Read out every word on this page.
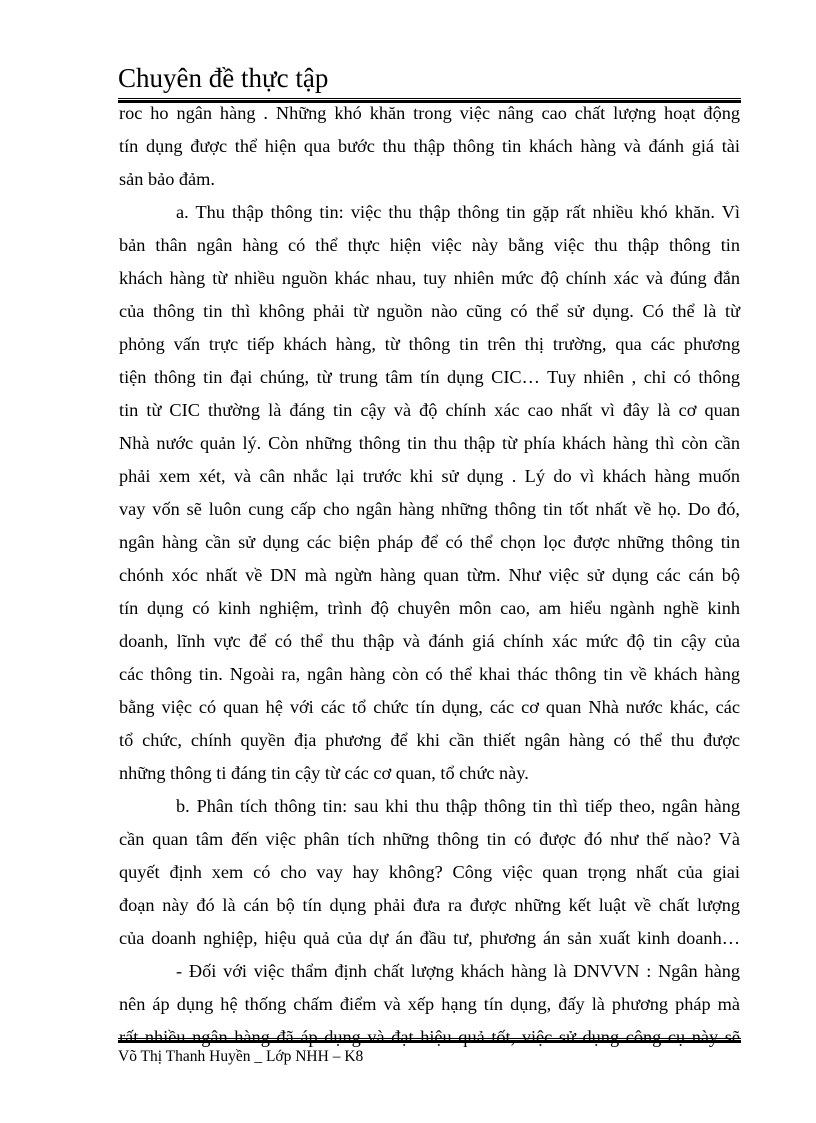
Chuyên đề thực tập
roc ho ngân hàng . Những khó khăn trong việc nâng cao chất lượng hoạt động
tín dụng được thể hiện qua bước thu thập thông tin khách hàng và đánh giá tài
sản bảo đảm.
a. Thu thập thông tin: việc thu thập thông tin gặp rất nhiều khó khăn. Vì
bản thân ngân hàng có thể thực hiện việc này bằng việc thu thập thông tin
khách hàng từ nhiều nguồn khác nhau, tuy nhiên mức độ chính xác và đúng đắn
của thông tin thì không phải từ nguồn nào cũng có thể sử dụng. Có thể là từ
phỏng vấn trực tiếp khách hàng, từ thông tin trên thị trường, qua các phương
tiện thông tin đại chúng, từ trung tâm tín dụng CIC… Tuy nhiên , chỉ có thông
tin từ CIC thường là đáng tin cậy và độ chính xác cao nhất vì đây là cơ quan
Nhà nước quản lý. Còn những thông tin thu thập từ phía khách hàng thì còn cần
phải xem xét, và cân nhắc lại trước khi sử dụng . Lý do vì khách hàng muốn
vay vốn sẽ luôn cung cấp cho ngân hàng những thông tin tốt nhất về họ. Do đó,
ngân hàng cần sử dụng các biện pháp để có thể chọn lọc được những thông tin
chónh xóc nhất về DN mà ngừn hàng quan từm. Như việc sử dụng các cán bộ
tín dụng có kinh nghiệm, trình độ chuyên môn cao, am hiểu ngành nghề kinh
doanh, lĩnh vực để có thể thu thập và đánh giá chính xác mức độ tin cậy của
các thông tin. Ngoài ra, ngân hàng còn có thể khai thác thông tin về khách hàng
bằng việc có quan hệ với các tổ chức tín dụng, các cơ quan Nhà nước khác, các
tổ chức, chính quyền địa phương để khi cần thiết ngân hàng có thể thu được
những thông ti đáng tin cậy từ các cơ quan, tổ chức này.
b. Phân tích thông tin: sau khi thu thập thông tin thì tiếp theo, ngân hàng
cần quan tâm đến việc phân tích những thông tin có được đó như thế nào? Và
quyết định xem có cho vay hay không? Công việc quan trọng nhất của giai
đoạn này đó là cán bộ tín dụng phải đưa ra được những kết luật về chất lượng
của doanh nghiệp, hiệu quả của dự án đầu tư, phương án sản xuất kinh doanh…
- Đối với việc thẩm định chất lượng khách hàng là DNVVN : Ngân hàng
nên áp dụng hệ thống chấm điểm và xếp hạng tín dụng, đấy là phương pháp mà
rất nhiều ngân hàng đã áp dụng và đạt hiệu quả tốt, việc sử dụng công cụ này sẽ
Võ Thị Thanh Huyền _ Lớp NHH – K8
